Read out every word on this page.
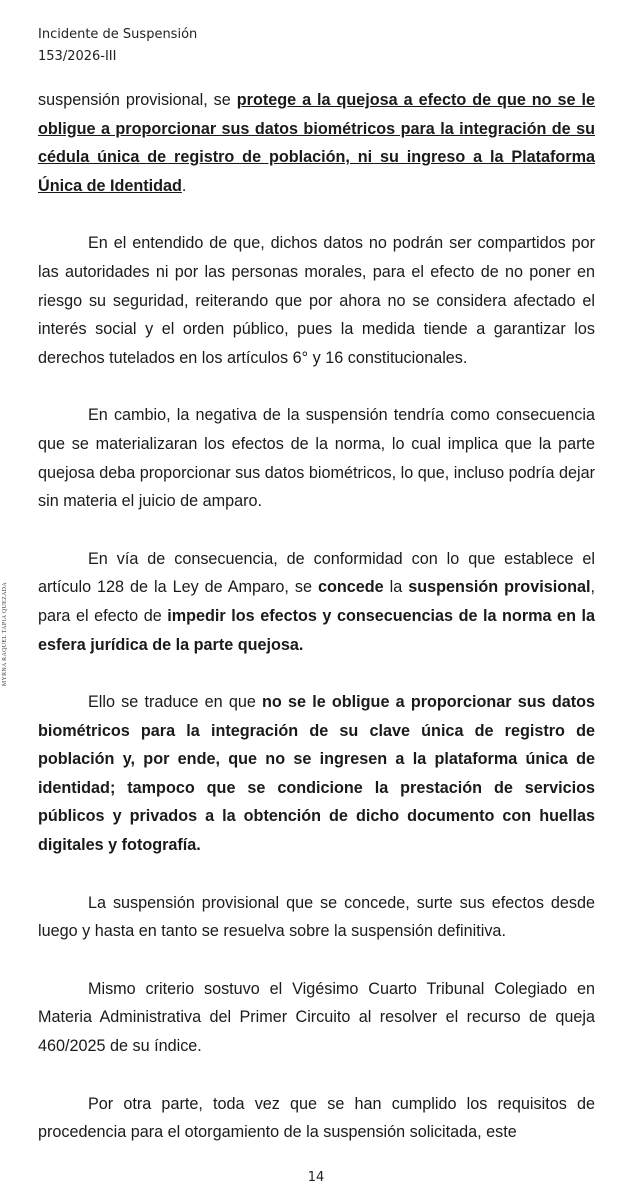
Incidente de Suspensión
153/2026-III
MYRNA RAQUEL TAPIA QUEZADA

suspensión provisional, se protege a la quejosa a efecto de que no se le obligue a proporcionar sus datos biométricos para la integración de su cédula única de registro de población, ni su ingreso a la Plataforma Única de Identidad.

En el entendido de que, dichos datos no podrán ser compartidos por las autoridades ni por las personas morales, para el efecto de no poner en riesgo su seguridad, reiterando que por ahora no se considera afectado el interés social y el orden público, pues la medida tiende a garantizar los derechos tutelados en los artículos 6° y 16 constitucionales.

En cambio, la negativa de la suspensión tendría como consecuencia que se materializaran los efectos de la norma, lo cual implica que la parte quejosa deba proporcionar sus datos biométricos, lo que, incluso podría dejar sin materia el juicio de amparo.

En vía de consecuencia, de conformidad con lo que establece el artículo 128 de la Ley de Amparo, se concede la suspensión provisional, para el efecto de impedir los efectos y consecuencias de la norma en la esfera jurídica de la parte quejosa.

Ello se traduce en que no se le obligue a proporcionar sus datos biométricos para la integración de su clave única de registro de población y, por ende, que no se ingresen a la plataforma única de identidad; tampoco que se condicione la prestación de servicios públicos y privados a la obtención de dicho documento con huellas digitales y fotografía.

La suspensión provisional que se concede, surte sus efectos desde luego y hasta en tanto se resuelva sobre la suspensión definitiva.

Mismo criterio sostuvo el Vigésimo Cuarto Tribunal Colegiado en Materia Administrativa del Primer Circuito al resolver el recurso de queja 460/2025 de su índice.

Por otra parte, toda vez que se han cumplido los requisitos de procedencia para el otorgamiento de la suspensión solicitada, este

14
